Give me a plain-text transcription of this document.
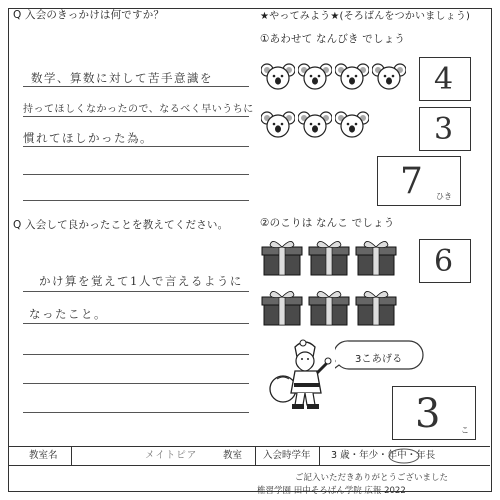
Q 入会のきっかけは何ですか？
数学、算数に対して苦手意識を
持ってほしくなかったので、なるべく早いうちに
慣れてほしかった為。
Q 入会して良かったことを教えてください。
かけ算を覚えて1人で言えるように
なったこと。
★やってみよう★(そろばんをつかいましょう)
①あわせて なんびき でしょう
4
3
7 ひき
②のこりは なんこ でしょう
6
3こあげる
3	こ
教室名	メイトピア	教室 入会時学年 3 歳・年少・年中・年長
ご記入いただきありがとうございました
椎習学園 田中そろばん学院 広報 2022
